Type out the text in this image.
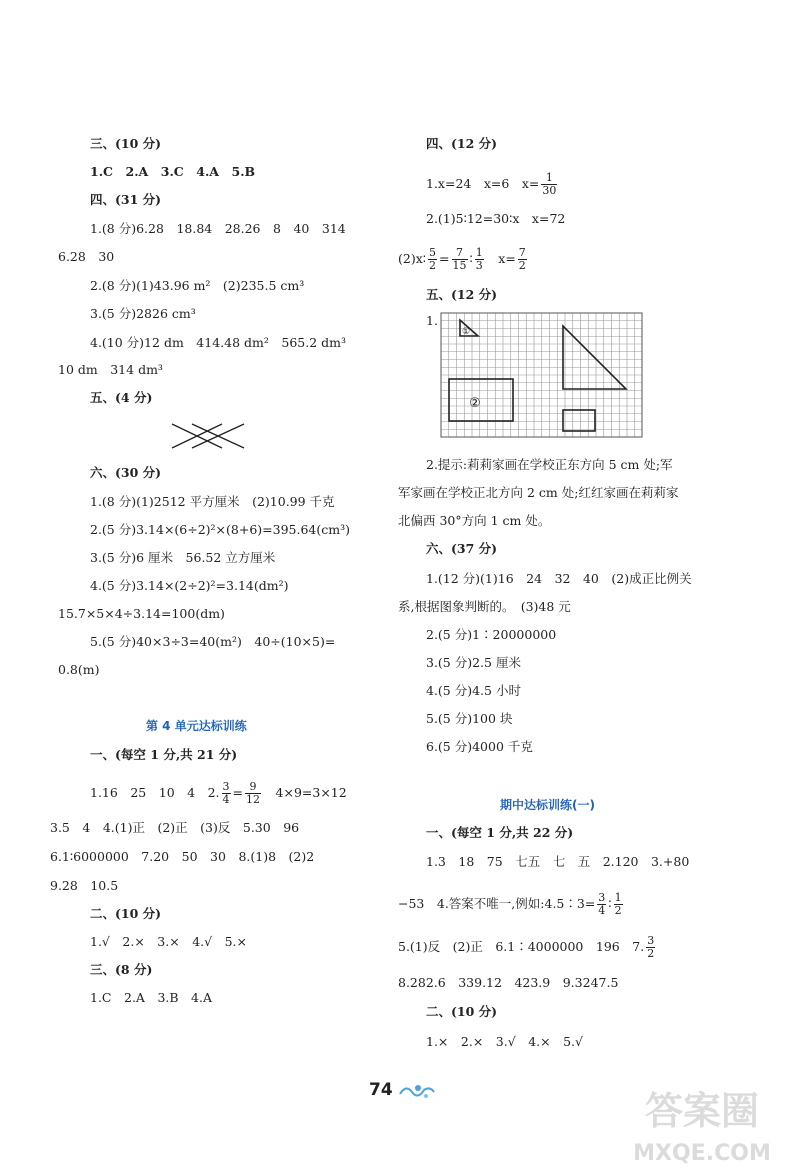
三、(10 分)
1.C　2.A　3.C　4.A　5.B
四、(31 分)
1.(8 分)6.28　18.84　28.26　8　40　314
6.28　30
2.(8 分)(1)43.96 m²　(2)235.5 cm³
3.(5 分)2826 cm³
4.(10 分)12 dm　414.48 dm²　565.2 dm³
10 dm　314 dm³
五、(4 分)
六、(30 分)
1.(8 分)(1)2512 平方厘米　(2)10.99 千克
2.(5 分)3.14×(6÷2)²×(8+6)=395.64(cm³)
3.(5 分)6 厘米　56.52 立方厘米
4.(5 分)3.14×(2÷2)²=3.14(dm²)
15.7×5×4÷3.14=100(dm)
5.(5 分)40×3÷3=40(m²)　40÷(10×5)=
0.8(m)
第 4 单元达标训练
一、(每空 1 分,共 21 分)
1.16　25　10　4　2. $\frac{3}{4} = \frac{9}{12}$ 　4×9=3×12
3.5　4　4.(1)正　(2)正　(3)反　5.30　96
6.1∶6000000　7.20　50　30　8.(1)8　(2)2
9.28　10.5
二、(10 分)
1.√　2.×　3.×　4.√　5.×
三、(8 分)
1.C　2.A　3.B　4.A
四、(12 分)
1.x=24　x=6　$x= \frac{1}{30}$
2.(1)5∶12=30∶x　x=72
(2)x∶ $\frac{5}{2} = \frac{7}{15}$ ∶ $\frac{1}{3}$ 　$x= \frac{7}{2}$
五、(12 分)
1.
①
②
2.提示:莉莉家画在学校正东方向 5 cm 处;军
军家画在学校正北方向 2 cm 处;红红家画在莉莉家
北偏西 30°方向 1 cm 处。
六、(37 分)
1.(12 分)(1)16　24　32　40　(2)成正比例关
系,根据图象判断的。　(3)48 元
2.(5 分)1∶20000000
3.(5 分)2.5 厘米
4.(5 分)4.5 小时
5.(5 分)100 块
6.(5 分)4000 千克
期中达标训练(一)
一、(每空 1 分,共 22 分)
1.3　18　75　七五　七　五　2.120　3.+80
−53　4.答案不唯一,例如:4.5∶3= $\frac{3}{4}$ ∶ $\frac{1}{2}$
5.(1)反　(2)正　6.1∶4000000　196　7. $\frac{3}{2}$
8.282.6　339.12　423.9　9.3247.5
二、(10 分)
1.×　2.×　3.√　4.×　5.√
74	答案圈
MXQE.COM
